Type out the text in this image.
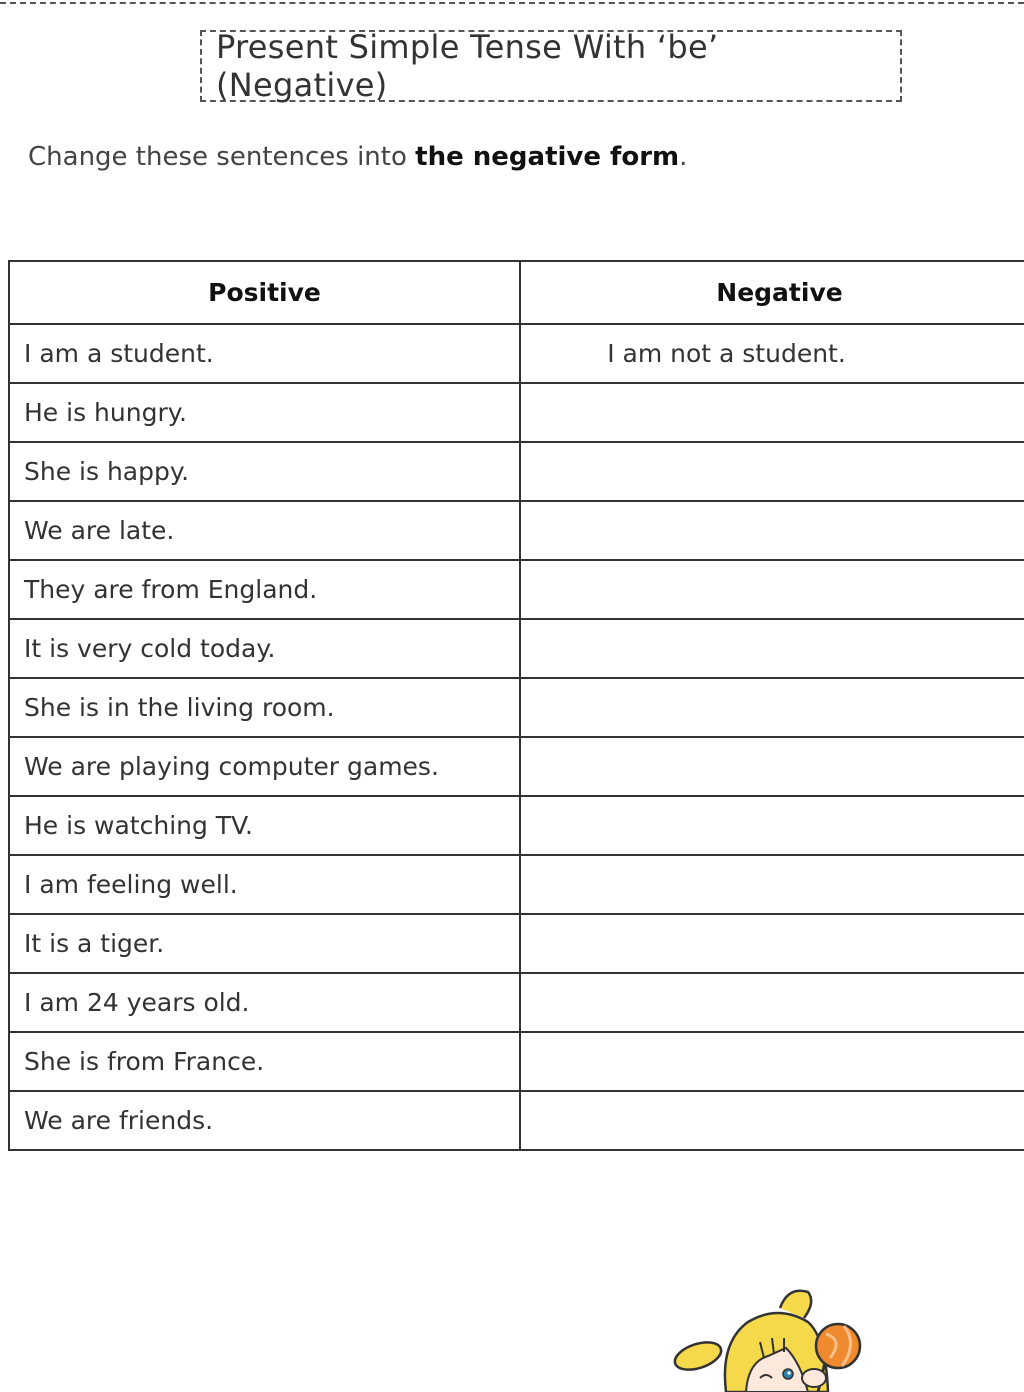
Present Simple Tense With ‘be’ (Negative)
Change these sentences into the negative form.
Positive	Negative
I am a student.	I am not a student.
He is hungry.	
She is happy.	
We are late.	
They are from England.	
It is very cold today.	
She is in the living room.	
We are playing computer games.	
He is watching TV.	
I am feeling well.	
It is a tiger.	
I am 24 years old.	
She is from France.	
We are friends.	
